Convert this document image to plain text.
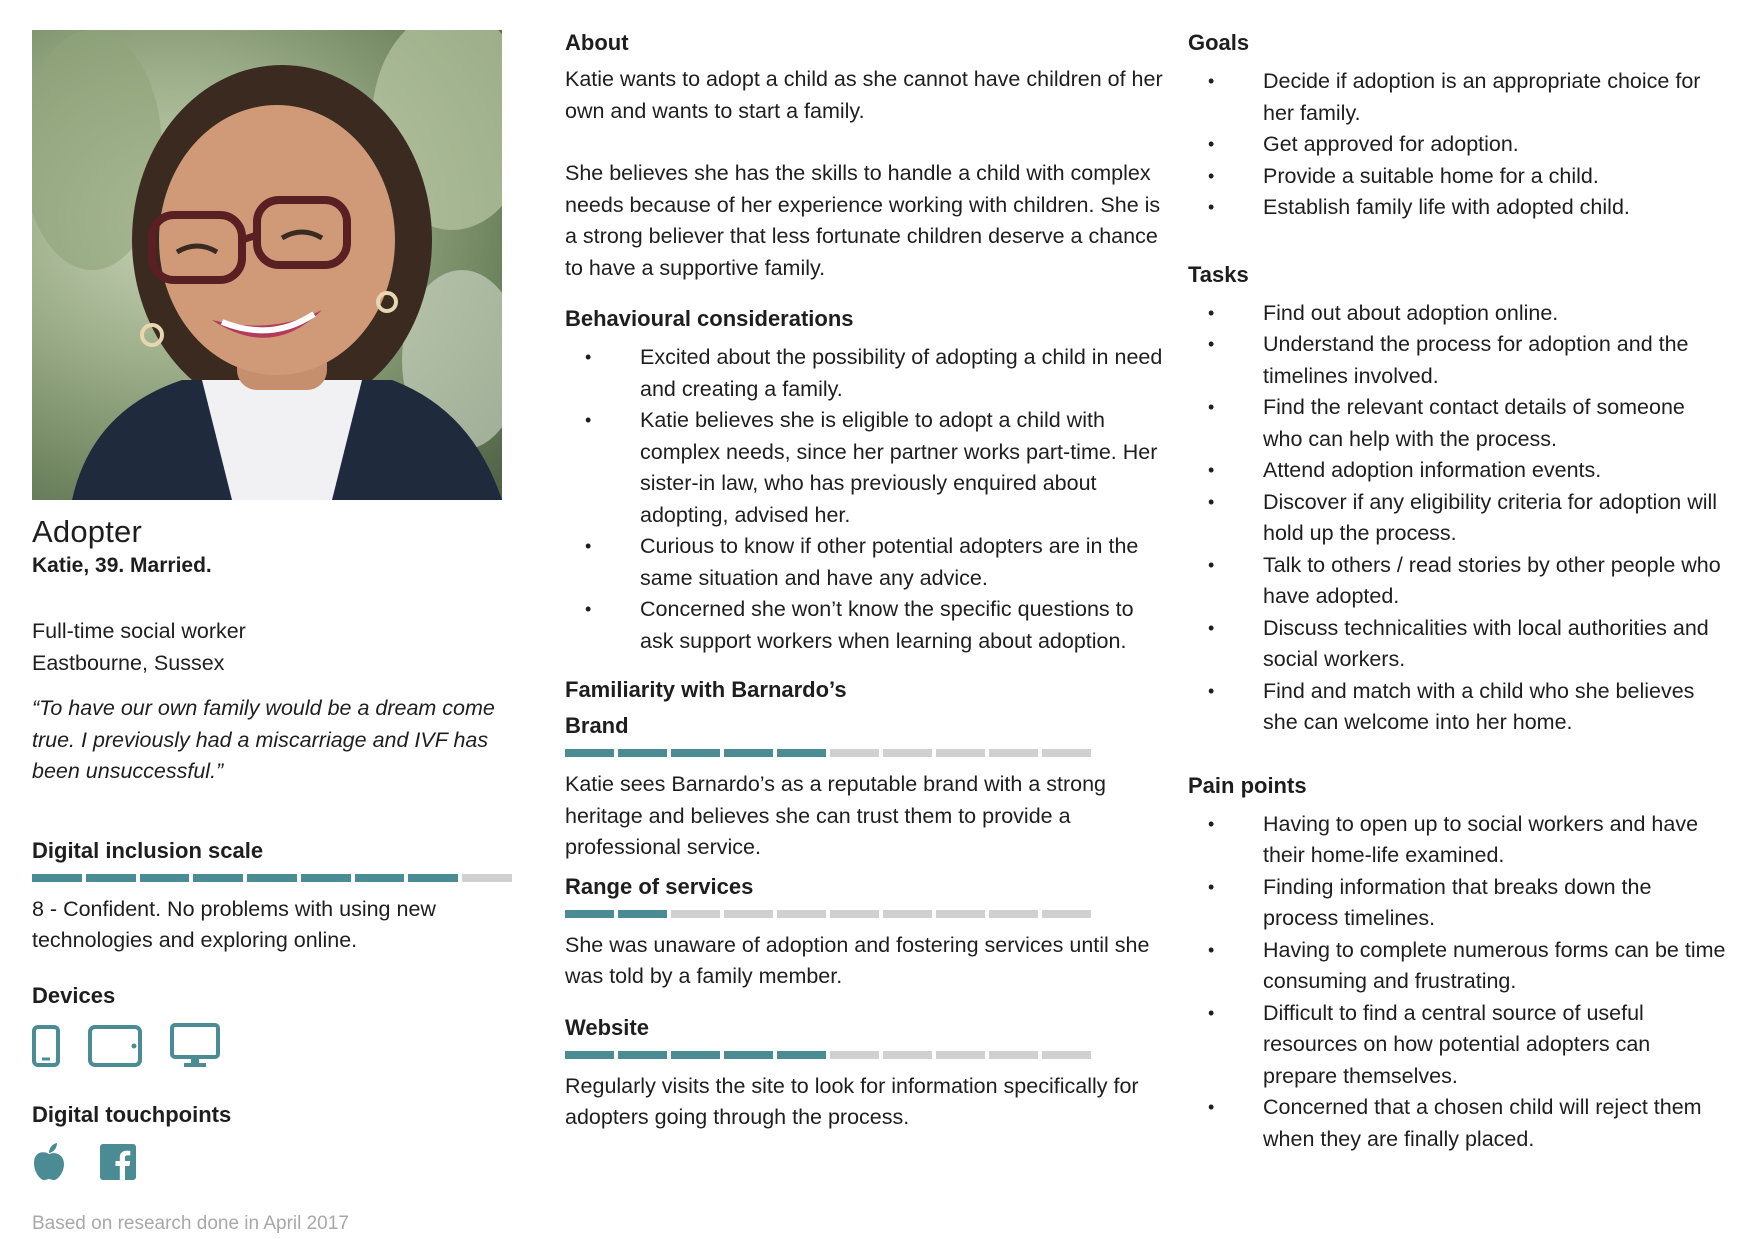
Adopter
Katie, 39. Married.
Full-time social worker
Eastbourne, Sussex
“To have our own family would be a dream come true. I previously had a miscarriage and IVF has been unsuccessful.”
Digital inclusion scale
8 - Confident. No problems with using new technologies and exploring online.
Devices
Digital touchpoints
Based on research done in April 2017
About
Katie wants to adopt a child as she cannot have children of her own and wants to start a family.
She believes she has the skills to handle a child with complex needs because of her experience working with children. She is a strong believer that less fortunate children deserve a chance to have a supportive family.
Behavioural considerations
• Excited about the possibility of adopting a child in need and creating a family.
• Katie believes she is eligible to adopt a child with complex needs, since her partner works part-time. Her sister-in law, who has previously enquired about adopting, advised her.
• Curious to know if other potential adopters are in the same situation and have any advice.
• Concerned she won’t know the specific questions to ask support workers when learning about adoption.
Familiarity with Barnardo’s
Brand
Katie sees Barnardo’s as a reputable brand with a strong heritage and believes she can trust them to provide a professional service.
Range of services
She was unaware of adoption and fostering services until she was told by a family member.
Website
Regularly visits the site to look for information specifically for adopters going through the process.
Goals
• Decide if adoption is an appropriate choice for her family.
• Get approved for adoption.
• Provide a suitable home for a child.
• Establish family life with adopted child.
Tasks
• Find out about adoption online.
• Understand the process for adoption and the timelines involved.
• Find the relevant contact details of someone who can help with the process.
• Attend adoption information events.
• Discover if any eligibility criteria for adoption will hold up the process.
• Talk to others / read stories by other people who have adopted.
• Discuss technicalities with local authorities and social workers.
• Find and match with a child who she believes she can welcome into her home.
Pain points
• Having to open up to social workers and have their home-life examined.
• Finding information that breaks down the process timelines.
• Having to complete numerous forms can be time consuming and frustrating.
• Difficult to find a central source of useful resources on how potential adopters can prepare themselves.
• Concerned that a chosen child will reject them when they are finally placed.
